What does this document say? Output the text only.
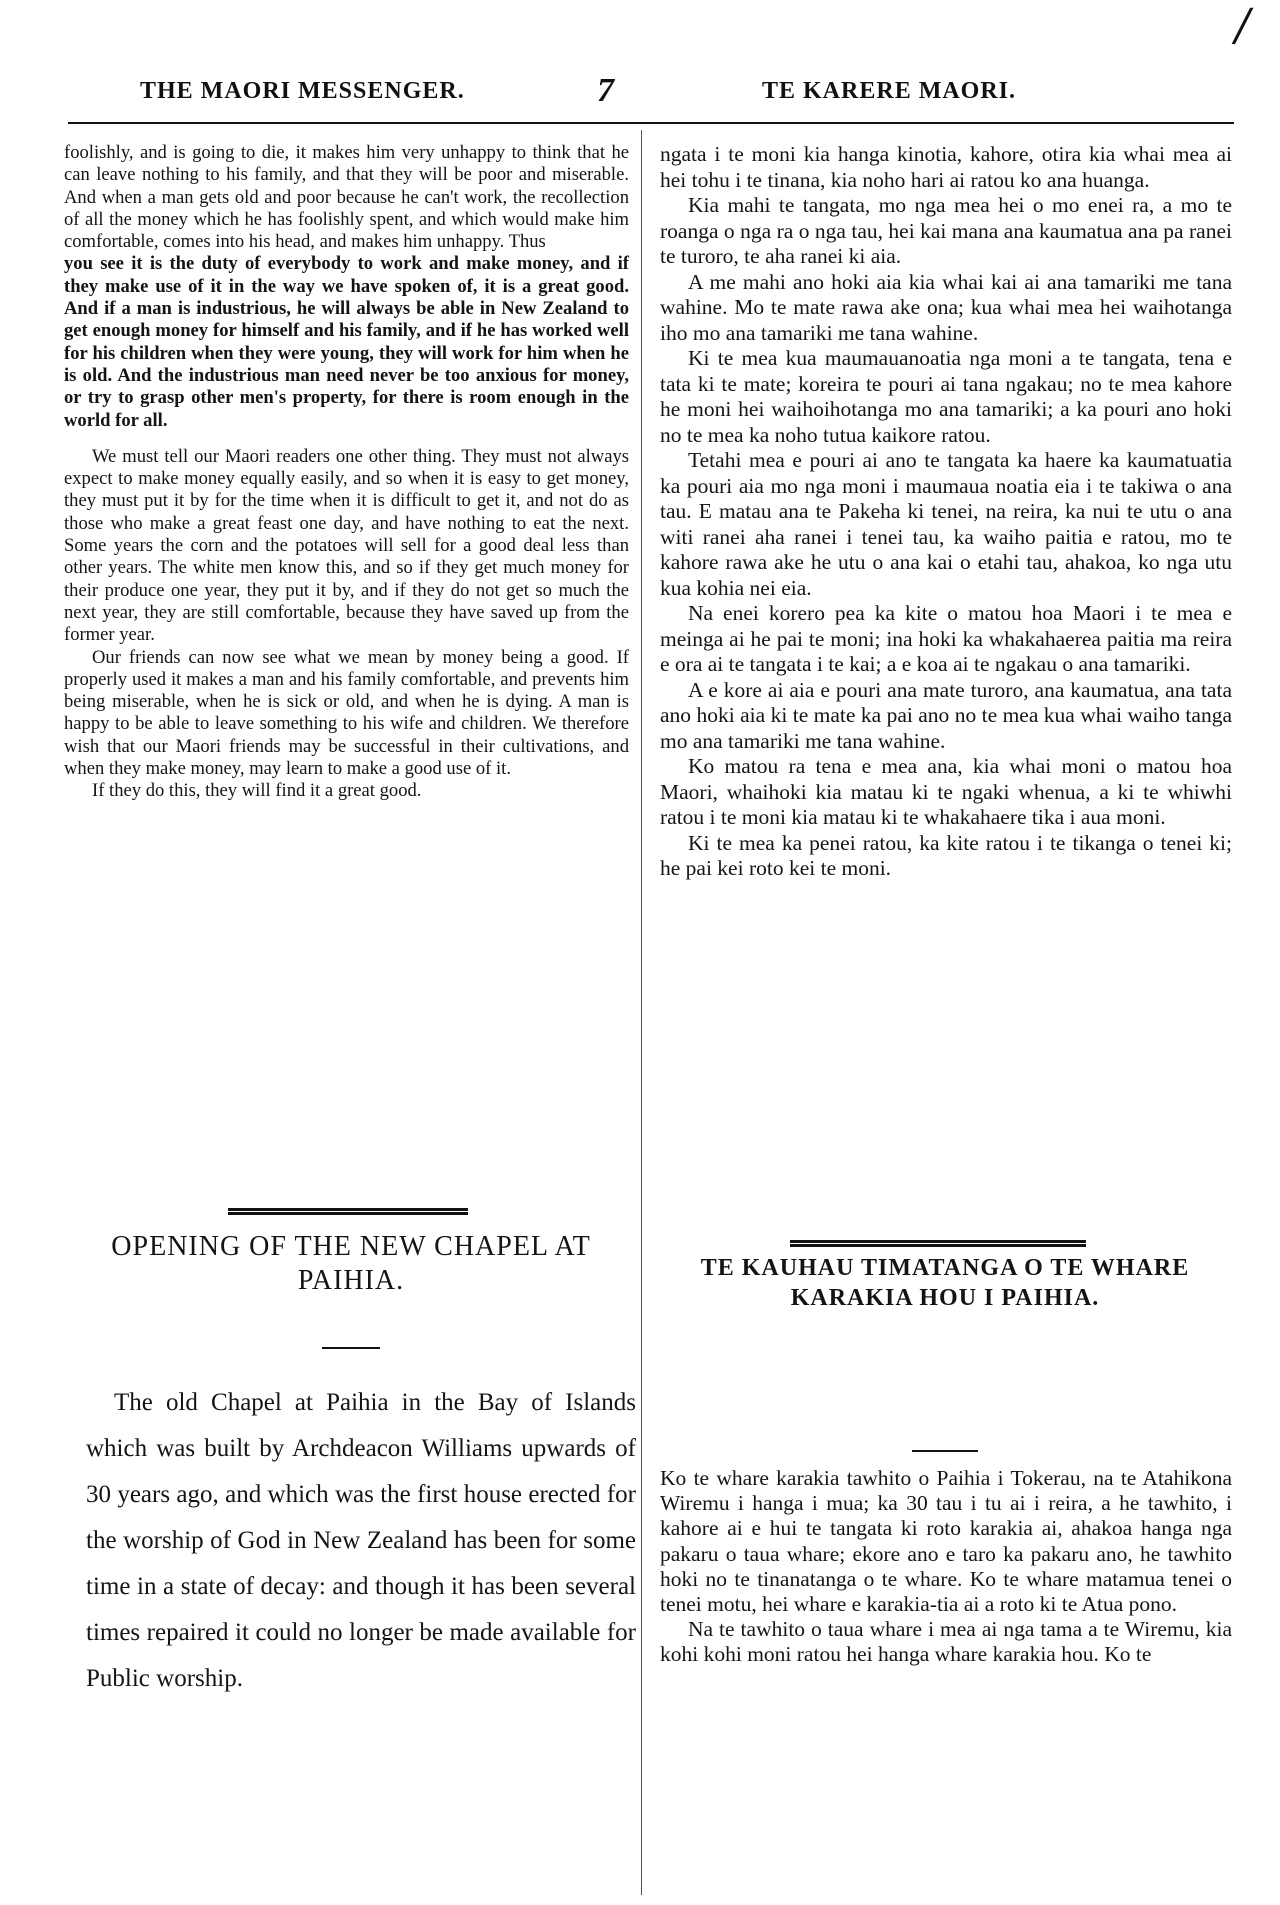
/
THE MAORI MESSENGER.	7	TE KARERE MAORI.

foolishly, and is going to die, it makes him very unhappy to think that he can leave nothing to his family, and that they will be poor and miserable. And when a man gets old and poor because he can't work, the recollection of all the money which he has foolishly spent, and which would make him comfortable, comes into his head, and makes him unhappy. Thus

you see it is the duty of everybody to work and make money, and if they make use of it in the way we have spoken of, it is a great good. And if a man is industrious, he will always be able in New Zealand to get enough money for himself and his family, and if he has worked well for his children when they were young, they will work for him when he is old. And the industrious man need never be too anxious for money, or try to grasp other men's property, for there is room enough in the world for all.

We must tell our Maori readers one other thing. They must not always expect to make money equally easily, and so when it is easy to get money, they must put it by for the time when it is difficult to get it, and not do as those who make a great feast one day, and have nothing to eat the next. Some years the corn and the potatoes will sell for a good deal less than other years. The white men know this, and so if they get much money for their produce one year, they put it by, and if they do not get so much the next year, they are still comfortable, because they have saved up from the former year.

Our friends can now see what we mean by money being a good. If properly used it makes a man and his family comfortable, and prevents him being miserable, when he is sick or old, and when he is dying. A man is happy to be able to leave something to his wife and children. We therefore wish that our Maori friends may be successful in their cultivations, and when they make money, may learn to make a good use of it.

If they do this, they will find it a great good.

OPENING OF THE NEW CHAPEL AT PAIHIA.

The old Chapel at Paihia in the Bay of Islands which was built by Archdeacon Williams upwards of 30 years ago, and which was the first house erected for the worship of God in New Zealand has been for some time in a state of decay: and though it has been several times repaired it could no longer be made available for Public worship.

ngata i te moni kia hanga kinotia, kahore, otira kia whai mea ai hei tohu i te tinana, kia noho hari ai ratou ko ana huanga.

Kia mahi te tangata, mo nga mea hei o mo enei ra, a mo te roanga o nga ra o nga tau, hei kai mana ana kaumatua ana pa ranei te turoro, te aha ranei ki aia.

A me mahi ano hoki aia kia whai kai ai ana tamariki me tana wahine. Mo te mate rawa ake ona; kua whai mea hei waihotanga iho mo ana tamariki me tana wahine.

Ki te mea kua maumauanoatia nga moni a te tangata, tena e tata ki te mate; koreira te pouri ai tana ngakau; no te mea kahore he moni hei waihoihotanga mo ana tamariki; a ka pouri ano hoki no te mea ka noho tutua kaikore ratou.

Tetahi mea e pouri ai ano te tangata ka haere ka kaumatuatia ka pouri aia mo nga moni i maumaua noatia eia i te takiwa o ana tau. E matau ana te Pakeha ki tenei, na reira, ka nui te utu o ana witi ranei aha ranei i tenei tau, ka waiho paitia e ratou, mo te kahore rawa ake he utu o ana kai o etahi tau, ahakoa, ko nga utu kua kohia nei eia.

Na enei korero pea ka kite o matou hoa Maori i te mea e meinga ai he pai te moni; ina hoki ka whakahaerea paitia ma reira e ora ai te tangata i te kai; a e koa ai te ngakau o ana tamariki.

A e kore ai aia e pouri ana mate turoro, ana kaumatua, ana tata ano hoki aia ki te mate ka pai ano no te mea kua whai waiho tanga mo ana tamariki me tana wahine.

Ko matou ra tena e mea ana, kia whai moni o matou hoa Maori, whaihoki kia matau ki te ngaki whenua, a ki te whiwhi ratou i te moni kia matau ki te whakahaere tika i aua moni.

Ki te mea ka penei ratou, ka kite ratou i te tikanga o tenei ki; he pai kei roto kei te moni.

TE KAUHAU TIMATANGA O TE WHARE KARAKIA HOU I PAIHIA.

Ko te whare karakia tawhito o Paihia i Tokerau, na te Atahikona Wiremu i hanga i mua; ka 30 tau i tu ai i reira, a he tawhito, i kahore ai e hui te tangata ki roto karakia ai, ahakoa hanga nga pakaru o taua whare; ekore ano e taro ka pakaru ano, he tawhito hoki no te tinanatanga o te whare. Ko te whare matamua tenei o tenei motu, hei whare e karakia-tia ai a roto ki te Atua pono.

Na te tawhito o taua whare i mea ai nga tama a te Wiremu, kia kohi kohi moni ratou hei hanga whare karakia hou. Ko te
